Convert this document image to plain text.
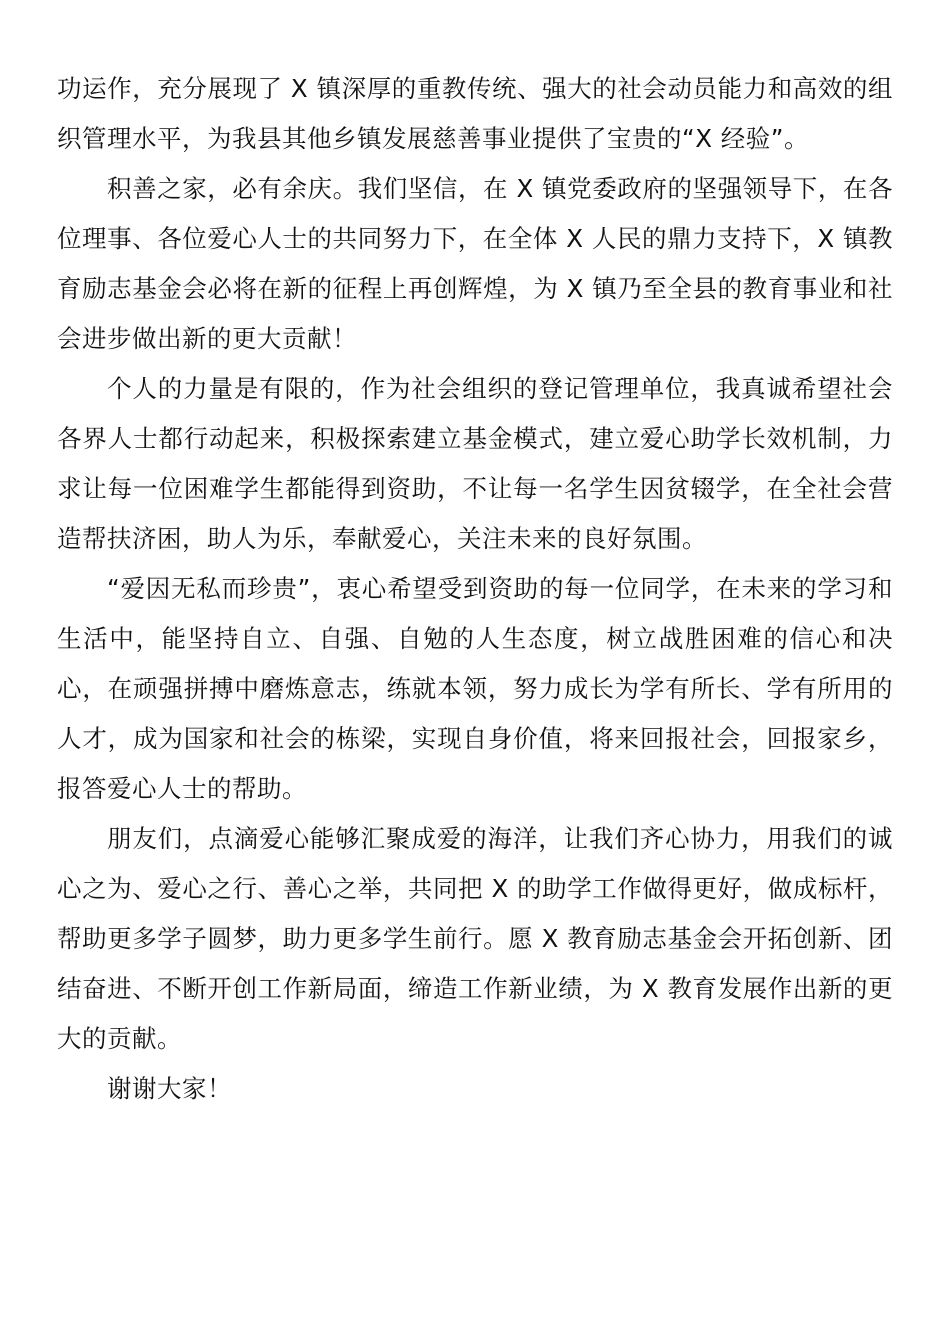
功运作，充分展现了 X 镇深厚的重教传统、强大的社会动员能力和高效的组织管理水平，为我县其他乡镇发展慈善事业提供了宝贵的“X 经验”。

积善之家，必有余庆。我们坚信，在 X 镇党委政府的坚强领导下，在各位理事、各位爱心人士的共同努力下，在全体 X 人民的鼎力支持下，X 镇教育励志基金会必将在新的征程上再创辉煌，为 X 镇乃至全县的教育事业和社会进步做出新的更大贡献！

个人的力量是有限的，作为社会组织的登记管理单位，我真诚希望社会各界人士都行动起来，积极探索建立基金模式，建立爱心助学长效机制，力求让每一位困难学生都能得到资助，不让每一名学生因贫辍学，在全社会营造帮扶济困，助人为乐，奉献爱心，关注未来的良好氛围。

“爱因无私而珍贵”，衷心希望受到资助的每一位同学，在未来的学习和生活中，能坚持自立、自强、自勉的人生态度，树立战胜困难的信心和决心，在顽强拼搏中磨炼意志，练就本领，努力成长为学有所长、学有所用的人才，成为国家和社会的栋梁，实现自身价值，将来回报社会，回报家乡，报答爱心人士的帮助。

朋友们，点滴爱心能够汇聚成爱的海洋，让我们齐心协力，用我们的诚心之为、爱心之行、善心之举，共同把 X 的助学工作做得更好，做成标杆，帮助更多学子圆梦，助力更多学生前行。愿 X 教育励志基金会开拓创新、团结奋进、不断开创工作新局面，缔造工作新业绩，为 X 教育发展作出新的更大的贡献。

谢谢大家！
